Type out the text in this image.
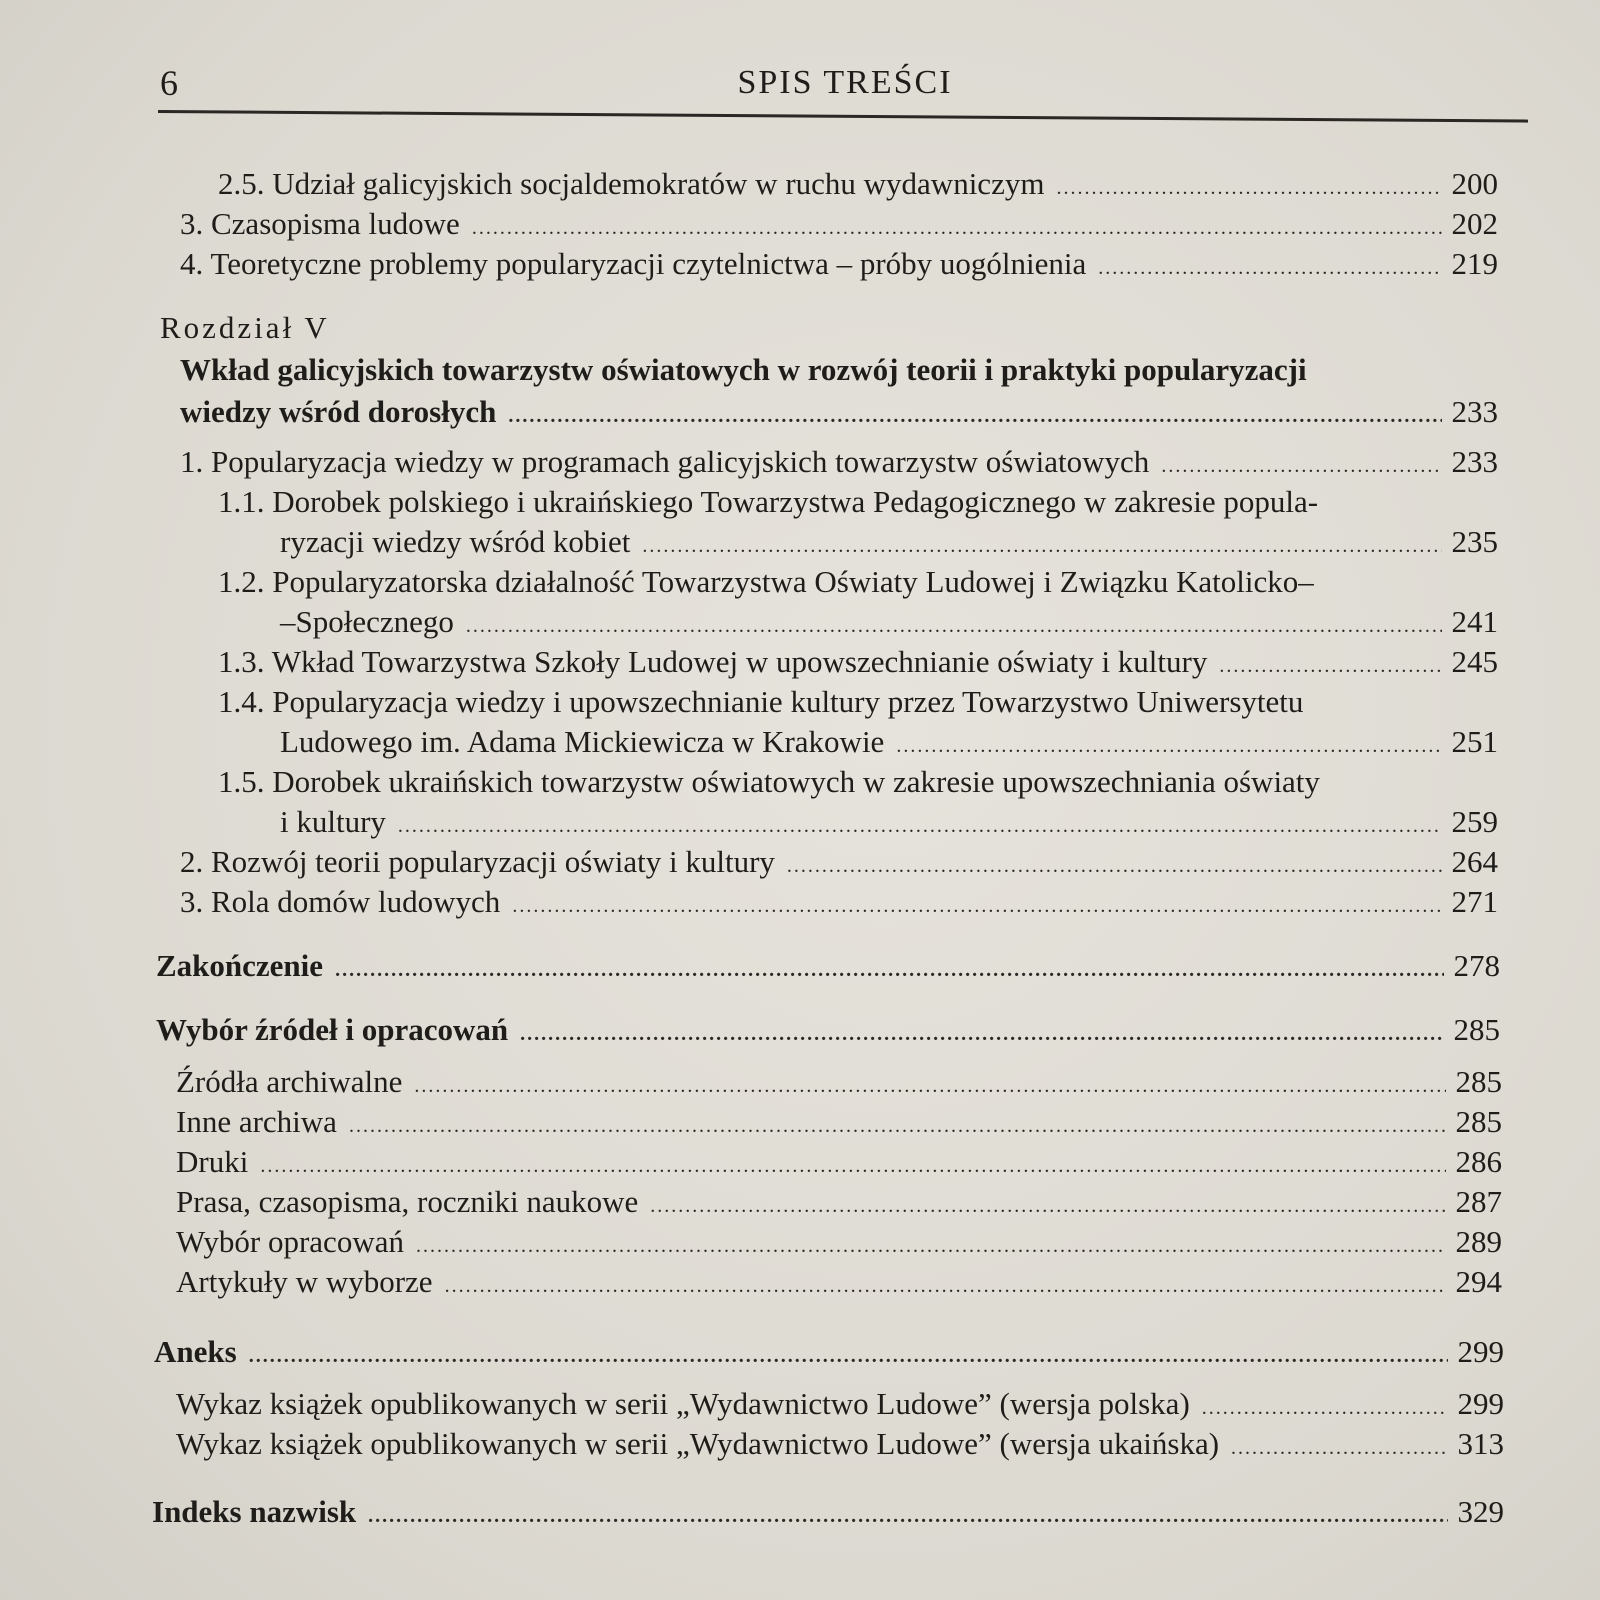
6	SPIS TREŚCI
2.5. Udział galicyjskich socjaldemokratów w ruchu wydawniczym .....	200
3. Czasopisma ludowe .....	202
4. Teoretyczne problemy popularyzacji czytelnictwa – próby uogólnienia .....	219
Rozdział V
Wkład galicyjskich towarzystw oświatowych w rozwój teorii i praktyki popularyzacji
wiedzy wśród dorosłych .....	233
1. Popularyzacja wiedzy w programach galicyjskich towarzystw oświatowych .....	233
1.1. Dorobek polskiego i ukraińskiego Towarzystwa Pedagogicznego w zakresie popula-
ryzacji wiedzy wśród kobiet .....	235
1.2. Popularyzatorska działalność Towarzystwa Oświaty Ludowej i Związku Katolicko–
–Społecznego .....	241
1.3. Wkład Towarzystwa Szkoły Ludowej w upowszechnianie oświaty i kultury .....	245
1.4. Popularyzacja wiedzy i upowszechnianie kultury przez Towarzystwo Uniwersytetu
Ludowego im. Adama Mickiewicza w Krakowie .....	251
1.5. Dorobek ukraińskich towarzystw oświatowych w zakresie upowszechniania oświaty
i kultury .....	259
2. Rozwój teorii popularyzacji oświaty i kultury .....	264
3. Rola domów ludowych .....	271
Zakończenie .....	278
Wybór źródeł i opracowań .....	285
Źródła archiwalne .....	285
Inne archiwa .....	285
Druki .....	286
Prasa, czasopisma, roczniki naukowe .....	287
Wybór opracowań .....	289
Artykuły w wyborze .....	294
Aneks .....	299
Wykaz książek opublikowanych w serii „Wydawnictwo Ludowe” (wersja polska) .....	299
Wykaz książek opublikowanych w serii „Wydawnictwo Ludowe” (wersja ukaińska) .....	313
Indeks nazwisk .....	329
